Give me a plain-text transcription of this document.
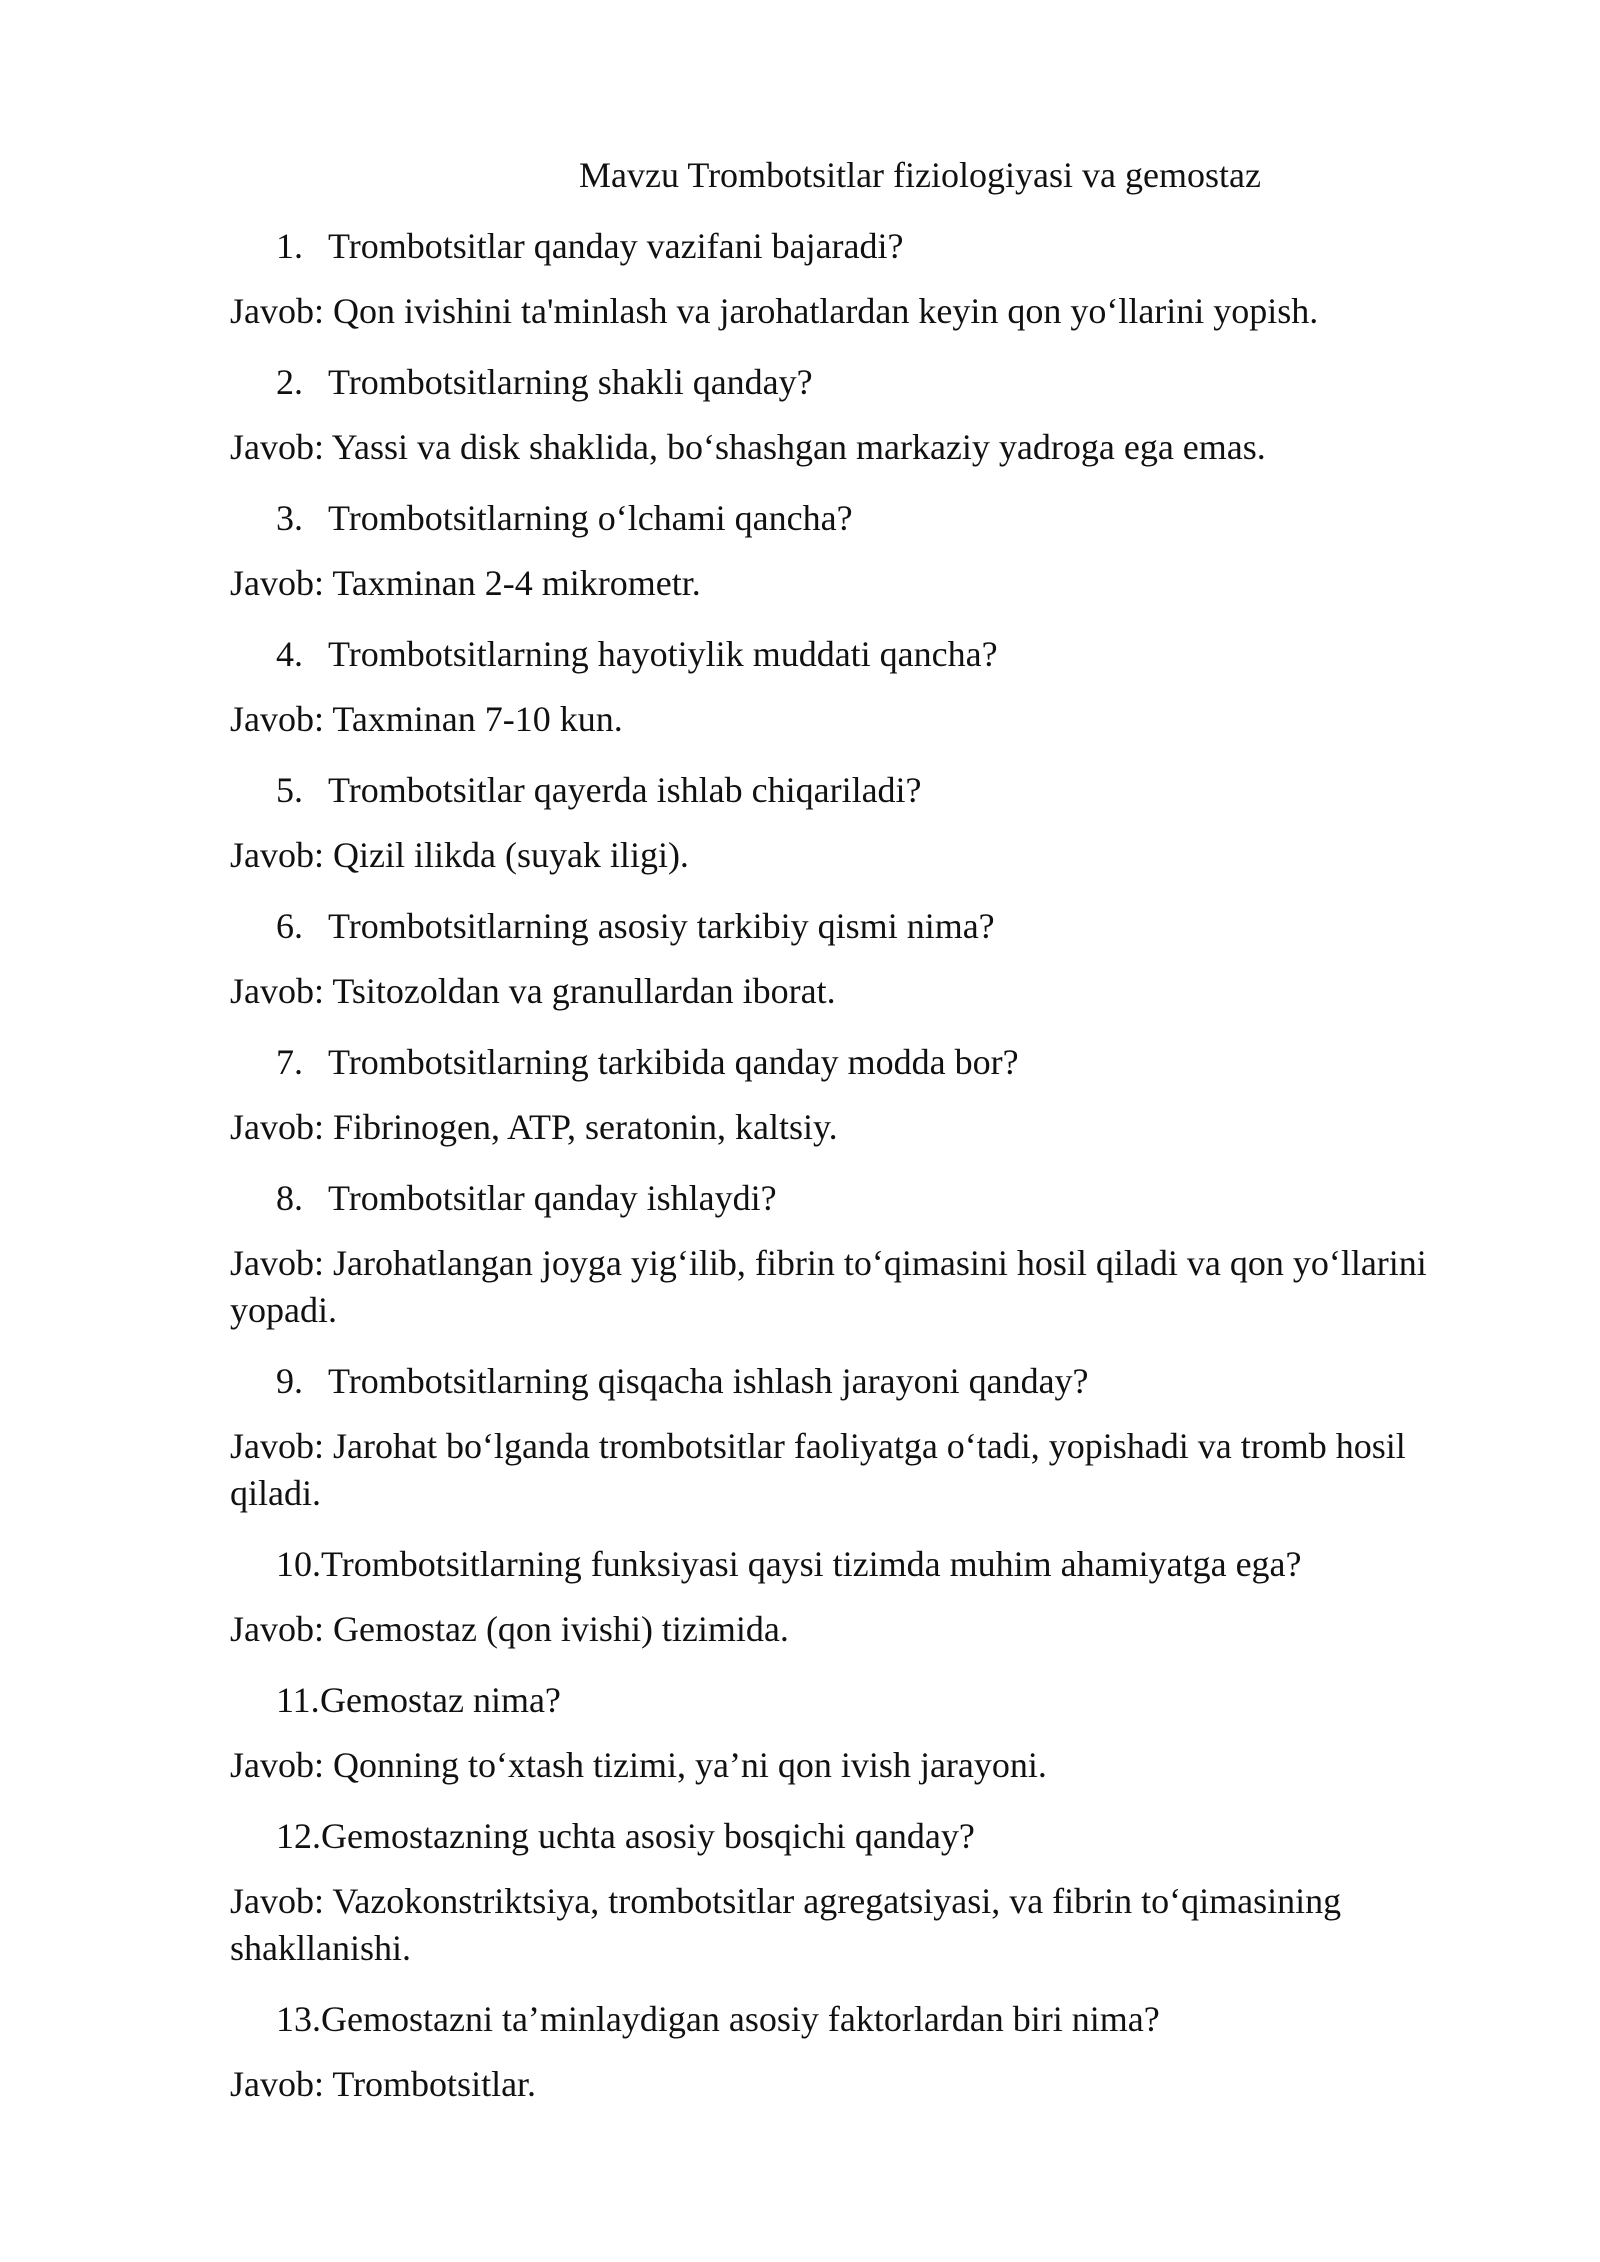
Mavzu Trombotsitlar fiziologiyasi va gemostaz
1. Trombotsitlar qanday vazifani bajaradi?
Javob: Qon ivishini ta'minlash va jarohatlardan keyin qon yo‘llarini yopish.
2. Trombotsitlarning shakli qanday?
Javob: Yassi va disk shaklida, bo‘shashgan markaziy yadroga ega emas.
3. Trombotsitlarning o‘lchami qancha?
Javob: Taxminan 2-4 mikrometr.
4. Trombotsitlarning hayotiylik muddati qancha?
Javob: Taxminan 7-10 kun.
5. Trombotsitlar qayerda ishlab chiqariladi?
Javob: Qizil ilikda (suyak iligi).
6. Trombotsitlarning asosiy tarkibiy qismi nima?
Javob: Tsitozoldan va granullardan iborat.
7. Trombotsitlarning tarkibida qanday modda bor?
Javob: Fibrinogen, ATP, seratonin, kaltsiy.
8. Trombotsitlar qanday ishlaydi?
Javob: Jarohatlangan joyga yig‘ilib, fibrin to‘qimasini hosil qiladi va qon yo‘llarini yopadi.
9. Trombotsitlarning qisqacha ishlash jarayoni qanday?
Javob: Jarohat bo‘lganda trombotsitlar faoliyatga o‘tadi, yopishadi va tromb hosil qiladi.
10. Trombotsitlarning funksiyasi qaysi tizimda muhim ahamiyatga ega?
Javob: Gemostaz (qon ivishi) tizimida.
11. Gemostaz nima?
Javob: Qonning to‘xtash tizimi, ya’ni qon ivish jarayoni.
12. Gemostazning uchta asosiy bosqichi qanday?
Javob: Vazokonstriktsiya, trombotsitlar agregatsiyasi, va fibrin to‘qimasining shakllanishi.
13. Gemostazni ta’minlaydigan asosiy faktorlardan biri nima?
Javob: Trombotsitlar.
